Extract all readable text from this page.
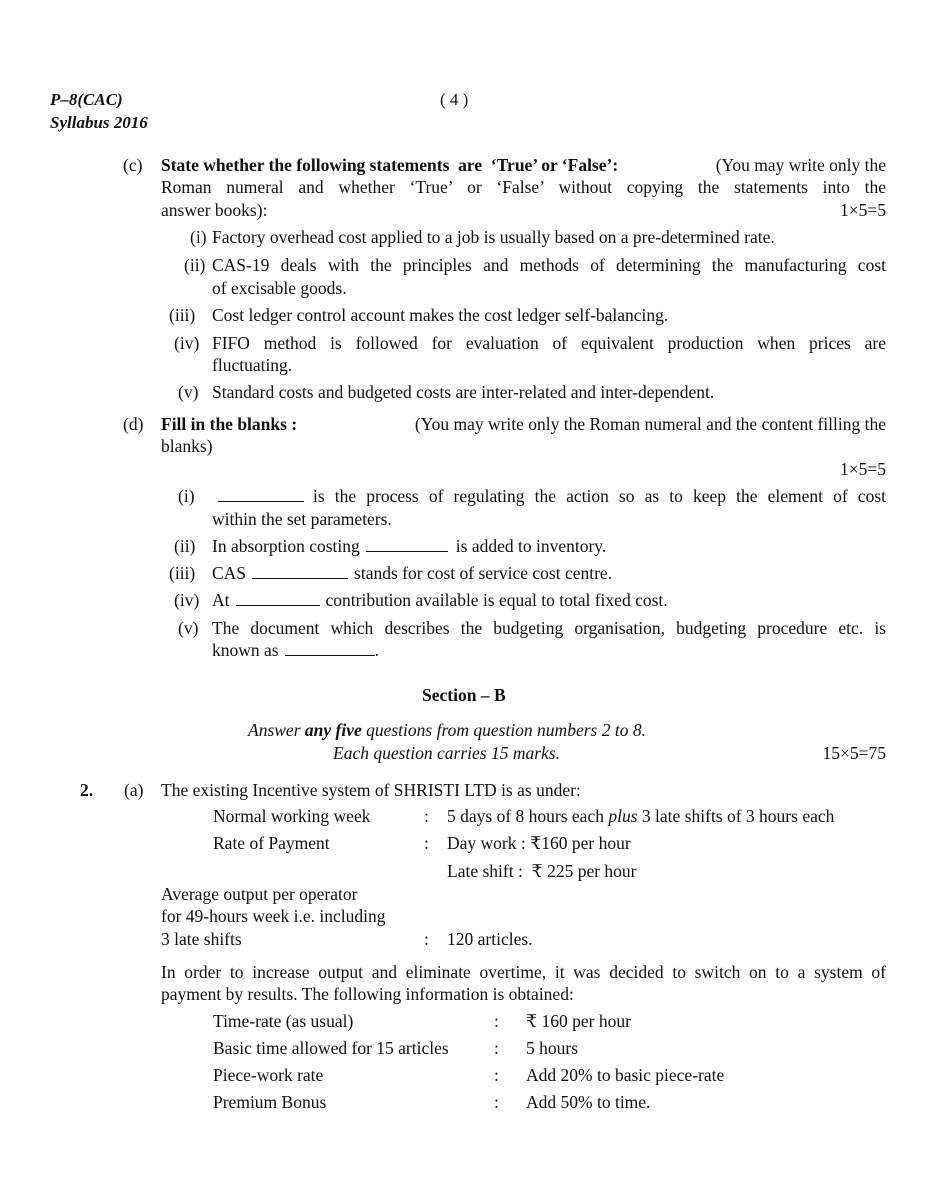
P–8(CAC)
Syllabus 2016
( 4 )
(c) State whether the following statements  are  ‘True’ or ‘False’:	(You may write only the
Roman numeral and whether ‘True’ or ‘False’ without copying the statements into the
answer books):	1×5=5
(i) Factory overhead cost applied to a job is usually based on a pre-determined rate.
(ii) CAS-19 deals with the principles and methods of determining the manufacturing cost
of excisable goods.
(iii) Cost ledger control account makes the cost ledger self-balancing.
(iv) FIFO method is followed for evaluation of equivalent production when prices are
fluctuating.
(v) Standard costs and budgeted costs are inter-related and inter-dependent.
(d) Fill in the blanks :	(You may write only the Roman numeral and the content filling the
blanks)
1×5=5
(i)	is the process of regulating the action so as to keep the element of cost
within the set parameters.
(ii) In absorption costing	is added to inventory.
(iii) CAS	stands for cost of service cost centre.
(iv) At	contribution available is equal to total fixed cost.
(v) The document which describes the budgeting organisation, budgeting procedure etc. is
known as	.
Section – B
Answer any five questions from question numbers 2 to 8.
Each question carries 15 marks.	15×5=75
2. (a) The existing Incentive system of SHRISTI LTD is as under:
Normal working week	: 5 days of 8 hours each plus 3 late shifts of 3 hours each
Rate of Payment	: Day work : ₹160 per hour
Late shift :  ₹ 225 per hour
Average output per operator
for 49-hours week i.e. including
3 late shifts	: 120 articles.
In order to increase output and eliminate overtime, it was decided to switch on to a system of
payment by results. The following information is obtained:
Time-rate (as usual)	: ₹ 160 per hour
Basic time allowed for 15 articles	: 5 hours
Piece-work rate	: Add 20% to basic piece-rate
Premium Bonus	: Add 50% to time.
